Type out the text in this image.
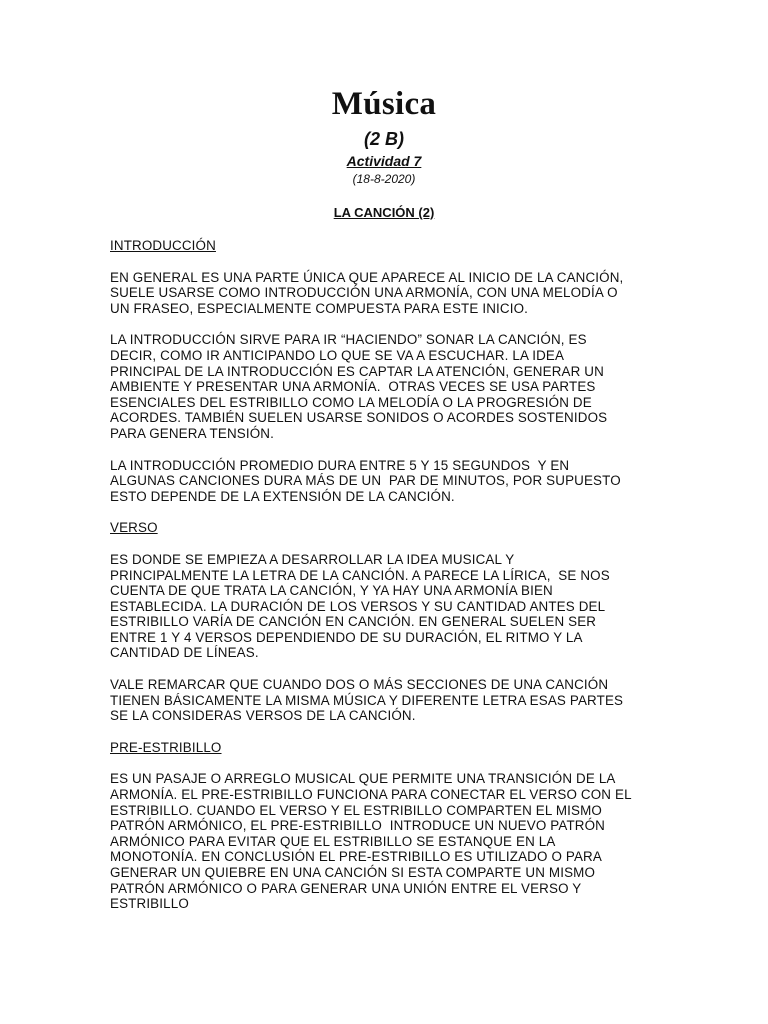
Música
(2 B)
Actividad 7
(18-8-2020)
LA CANCIÓN (2)
INTRODUCCIÓN
EN GENERAL ES UNA PARTE ÚNICA QUE APARECE AL INICIO DE LA CANCIÓN,
SUELE USARSE COMO INTRODUCCIÓN UNA ARMONÍA, CON UNA MELODÍA O
UN FRASEO, ESPECIALMENTE COMPUESTA PARA ESTE INICIO.
LA INTRODUCCIÓN SIRVE PARA IR “HACIENDO” SONAR LA CANCIÓN, ES
DECIR, COMO IR ANTICIPANDO LO QUE SE VA A ESCUCHAR. LA IDEA
PRINCIPAL DE LA INTRODUCCIÓN ES CAPTAR LA ATENCIÓN, GENERAR UN
AMBIENTE Y PRESENTAR UNA ARMONÍA.  OTRAS VECES SE USA PARTES
ESENCIALES DEL ESTRIBILLO COMO LA MELODÍA O LA PROGRESIÓN DE
ACORDES. TAMBIÉN SUELEN USARSE SONIDOS O ACORDES SOSTENIDOS
PARA GENERA TENSIÓN.
LA INTRODUCCIÓN PROMEDIO DURA ENTRE 5 Y 15 SEGUNDOS  Y EN
ALGUNAS CANCIONES DURA MÁS DE UN  PAR DE MINUTOS, POR SUPUESTO
ESTO DEPENDE DE LA EXTENSIÓN DE LA CANCIÓN.
VERSO
ES DONDE SE EMPIEZA A DESARROLLAR LA IDEA MUSICAL Y
PRINCIPALMENTE LA LETRA DE LA CANCIÓN. A PARECE LA LÍRICA,  SE NOS
CUENTA DE QUE TRATA LA CANCIÓN, Y YA HAY UNA ARMONÍA BIEN
ESTABLECIDA. LA DURACIÓN DE LOS VERSOS Y SU CANTIDAD ANTES DEL
ESTRIBILLO VARÍA DE CANCIÓN EN CANCIÓN. EN GENERAL SUELEN SER
ENTRE 1 Y 4 VERSOS DEPENDIENDO DE SU DURACIÓN, EL RITMO Y LA
CANTIDAD DE LÍNEAS.
VALE REMARCAR QUE CUANDO DOS O MÁS SECCIONES DE UNA CANCIÓN
TIENEN BÁSICAMENTE LA MISMA MÚSICA Y DIFERENTE LETRA ESAS PARTES
SE LA CONSIDERAS VERSOS DE LA CANCIÓN.
PRE-ESTRIBILLO
ES UN PASAJE O ARREGLO MUSICAL QUE PERMITE UNA TRANSICIÓN DE LA
ARMONÍA. EL PRE-ESTRIBILLO FUNCIONA PARA CONECTAR EL VERSO CON EL
ESTRIBILLO. CUANDO EL VERSO Y EL ESTRIBILLO COMPARTEN EL MISMO
PATRÓN ARMÓNICO, EL PRE-ESTRIBILLO  INTRODUCE UN NUEVO PATRÓN
ARMÓNICO PARA EVITAR QUE EL ESTRIBILLO SE ESTANQUE EN LA
MONOTONÍA. EN CONCLUSIÓN EL PRE-ESTRIBILLO ES UTILIZADO O PARA
GENERAR UN QUIEBRE EN UNA CANCIÓN SI ESTA COMPARTE UN MISMO
PATRÓN ARMÓNICO O PARA GENERAR UNA UNIÓN ENTRE EL VERSO Y
ESTRIBILLO
